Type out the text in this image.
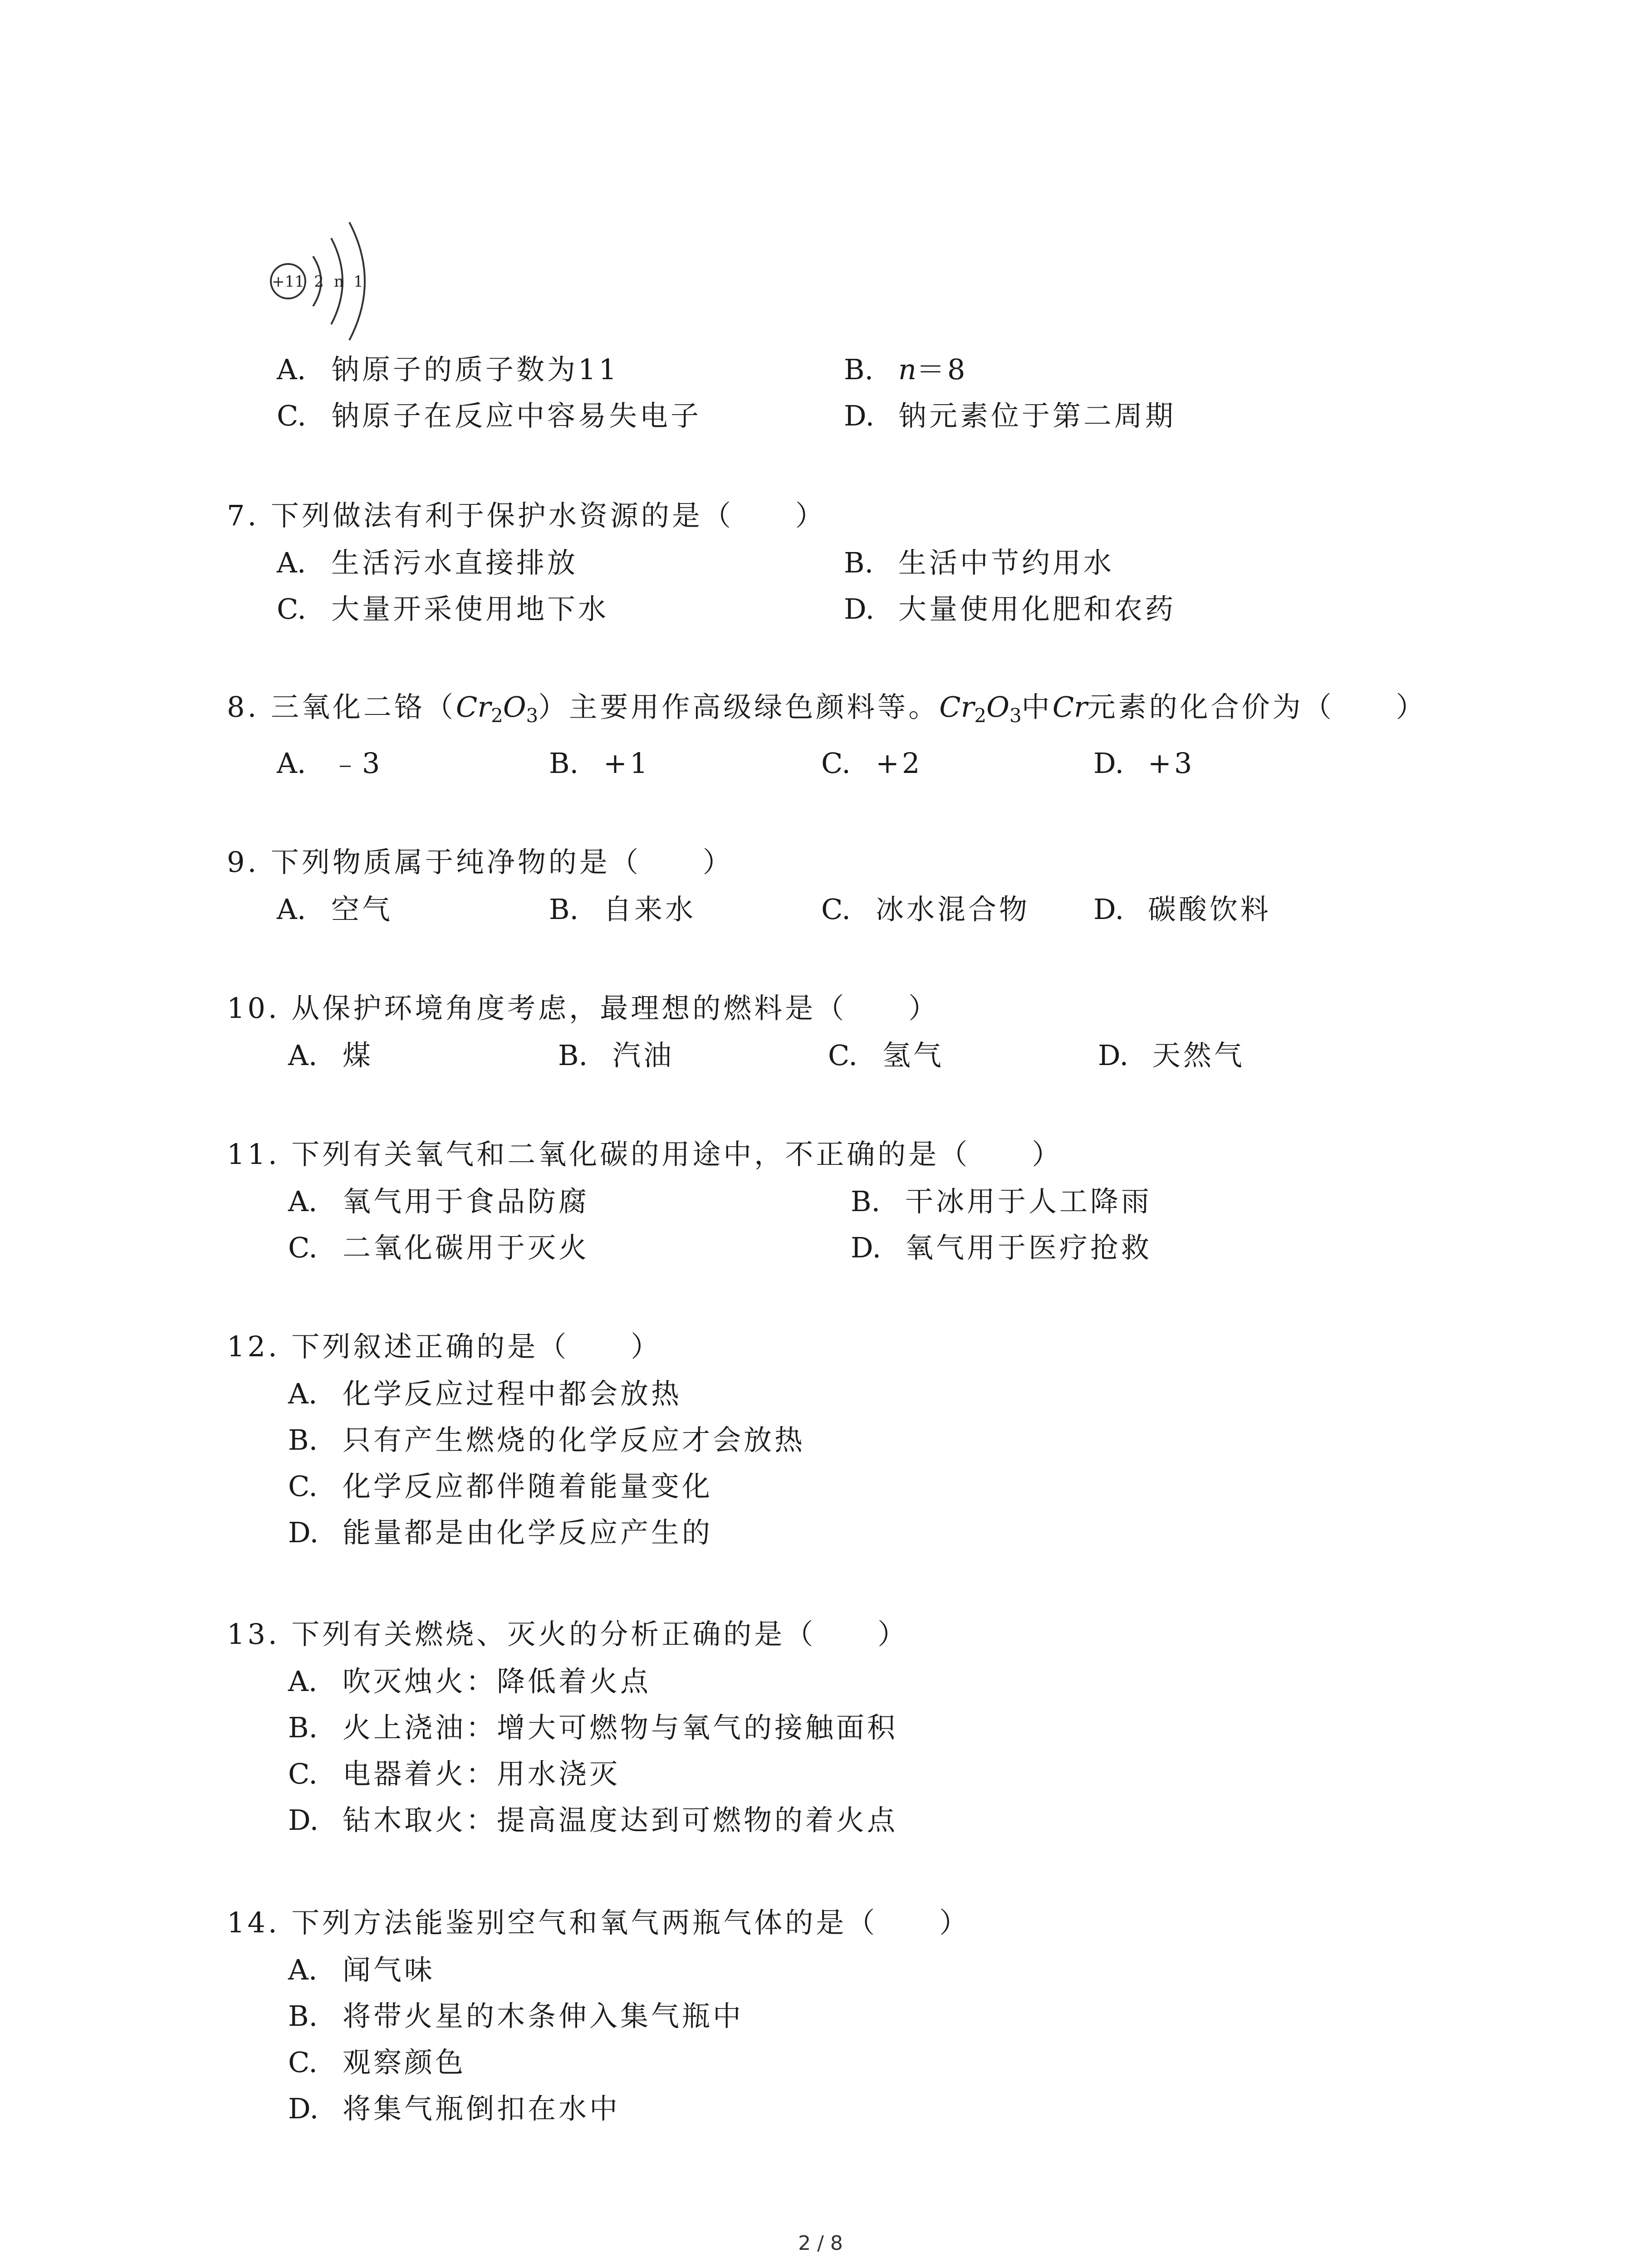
+11 2 n 1
A. 钠原子的质子数为11	B. n＝8
C. 钠原子在反应中容易失电子	D. 钠元素位于第二周期
7. 下列做法有利于保护水资源的是（　　）
A. 生活污水直接排放	B. 生活中节约用水
C. 大量开采使用地下水	D. 大量使用化肥和农药
8. 三氧化二铬（Cr2O3）主要用作高级绿色颜料等。Cr2O3中Cr元素的化合价为（　　）
A. ﹣3	B. +1	C. +2	D. +3
9. 下列物质属于纯净物的是（　　）
A. 空气	B. 自来水	C. 冰水混合物 D. 碳酸饮料
10. 从保护环境角度考虑，最理想的燃料是（　　）
A. 煤	B. 汽油	C. 氢气	D. 天然气
11. 下列有关氧气和二氧化碳的用途中，不正确的是（　　）
A. 氧气用于食品防腐	B. 干冰用于人工降雨
C. 二氧化碳用于灭火	D. 氧气用于医疗抢救
12. 下列叙述正确的是（　　）
A. 化学反应过程中都会放热
B. 只有产生燃烧的化学反应才会放热
C. 化学反应都伴随着能量变化
D. 能量都是由化学反应产生的
13. 下列有关燃烧、灭火的分析正确的是（　　）
A. 吹灭烛火：降低着火点
B. 火上浇油：增大可燃物与氧气的接触面积
C. 电器着火：用水浇灭
D. 钻木取火：提高温度达到可燃物的着火点
14. 下列方法能鉴别空气和氧气两瓶气体的是（　　）
A. 闻气味
B. 将带火星的木条伸入集气瓶中
C. 观察颜色
D. 将集气瓶倒扣在水中
2 / 8
